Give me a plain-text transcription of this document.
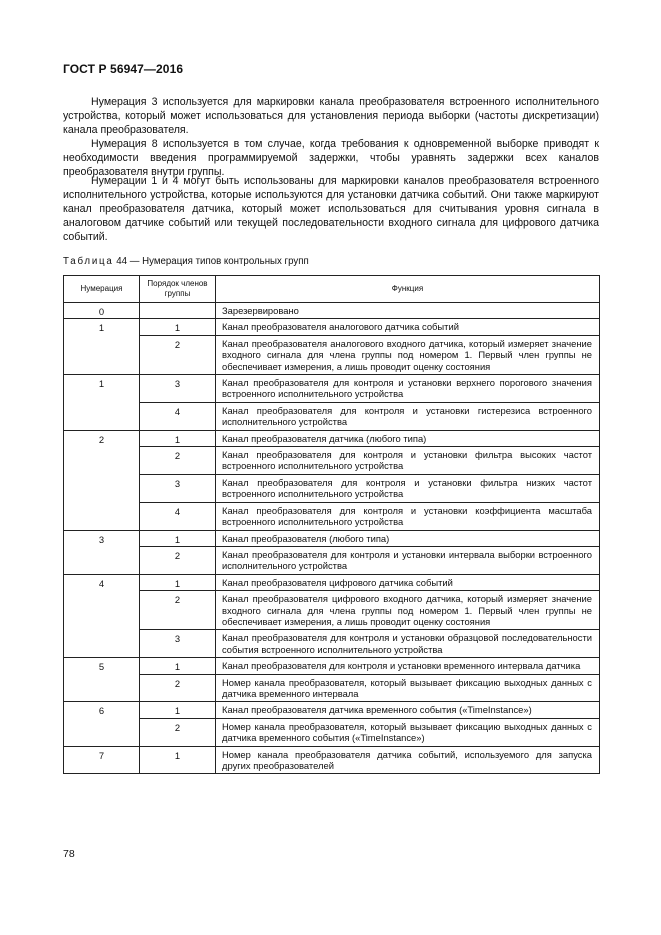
ГОСТ Р 56947—2016

Нумерация 3 используется для маркировки канала преобразователя встроенного исполнительного устройства, который может использоваться для установления периода выборки (частоты дискретизации) канала преобразователя.

Нумерация 8 используется в том случае, когда требования к одновременной выборке приводят к необходимости введения программируемой задержки, чтобы уравнять задержки всех каналов преобразователя внутри группы.

Нумерации 1 и 4 могут быть использованы для маркировки каналов преобразователя встроенного исполнительного устройства, которые используются для установки датчика событий. Они также маркируют канал преобразователя датчика, который может использоваться для считывания уровня сигнала в аналоговом датчике событий или текущей последовательности входного сигнала для цифрового датчика событий.

Таблица 44 — Нумерация типов контрольных групп
Нумерация	Порядок членов группы	Функция
0		Зарезервировано
1	1	Канал преобразователя аналогового датчика событий
	2	Канал преобразователя аналогового входного датчика, который измеряет значение входного сигнала для члена группы под номером 1. Первый член группы не обеспечивает измерения, а лишь проводит оценку состояния
1	3	Канал преобразователя для контроля и установки верхнего порогового значения встроенного исполнительного устройства
	4	Канал преобразователя для контроля и установки гистерезиса встроенного исполнительного устройства
2	1	Канал преобразователя датчика (любого типа)
	2	Канал преобразователя для контроля и установки фильтра высоких частот встроенного исполнительного устройства
	3	Канал преобразователя для контроля и установки фильтра низких частот встроенного исполнительного устройства
	4	Канал преобразователя для контроля и установки коэффициента масштаба встроенного исполнительного устройства
3	1	Канал преобразователя (любого типа)
	2	Канал преобразователя для контроля и установки интервала выборки встроенного исполнительного устройства
4	1	Канал преобразователя цифрового датчика событий
	2	Канал преобразователя цифрового входного датчика, который измеряет значение входного сигнала для члена группы под номером 1. Первый член группы не обеспечивает измерения, а лишь проводит оценку состояния
	3	Канал преобразователя для контроля и установки образцовой последовательности события встроенного исполнительного устройства
5	1	Канал преобразователя для контроля и установки временного интервала датчика
	2	Номер канала преобразователя, который вызывает фиксацию выходных данных с датчика временного интервала
6	1	Канал преобразователя датчика временного события («TimeInstance»)
	2	Номер канала преобразователя, который вызывает фиксацию выходных данных с датчика временного события («TimeInstance»)
7	1	Номер канала преобразователя датчика событий, используемого для запуска других преобразователей
78
